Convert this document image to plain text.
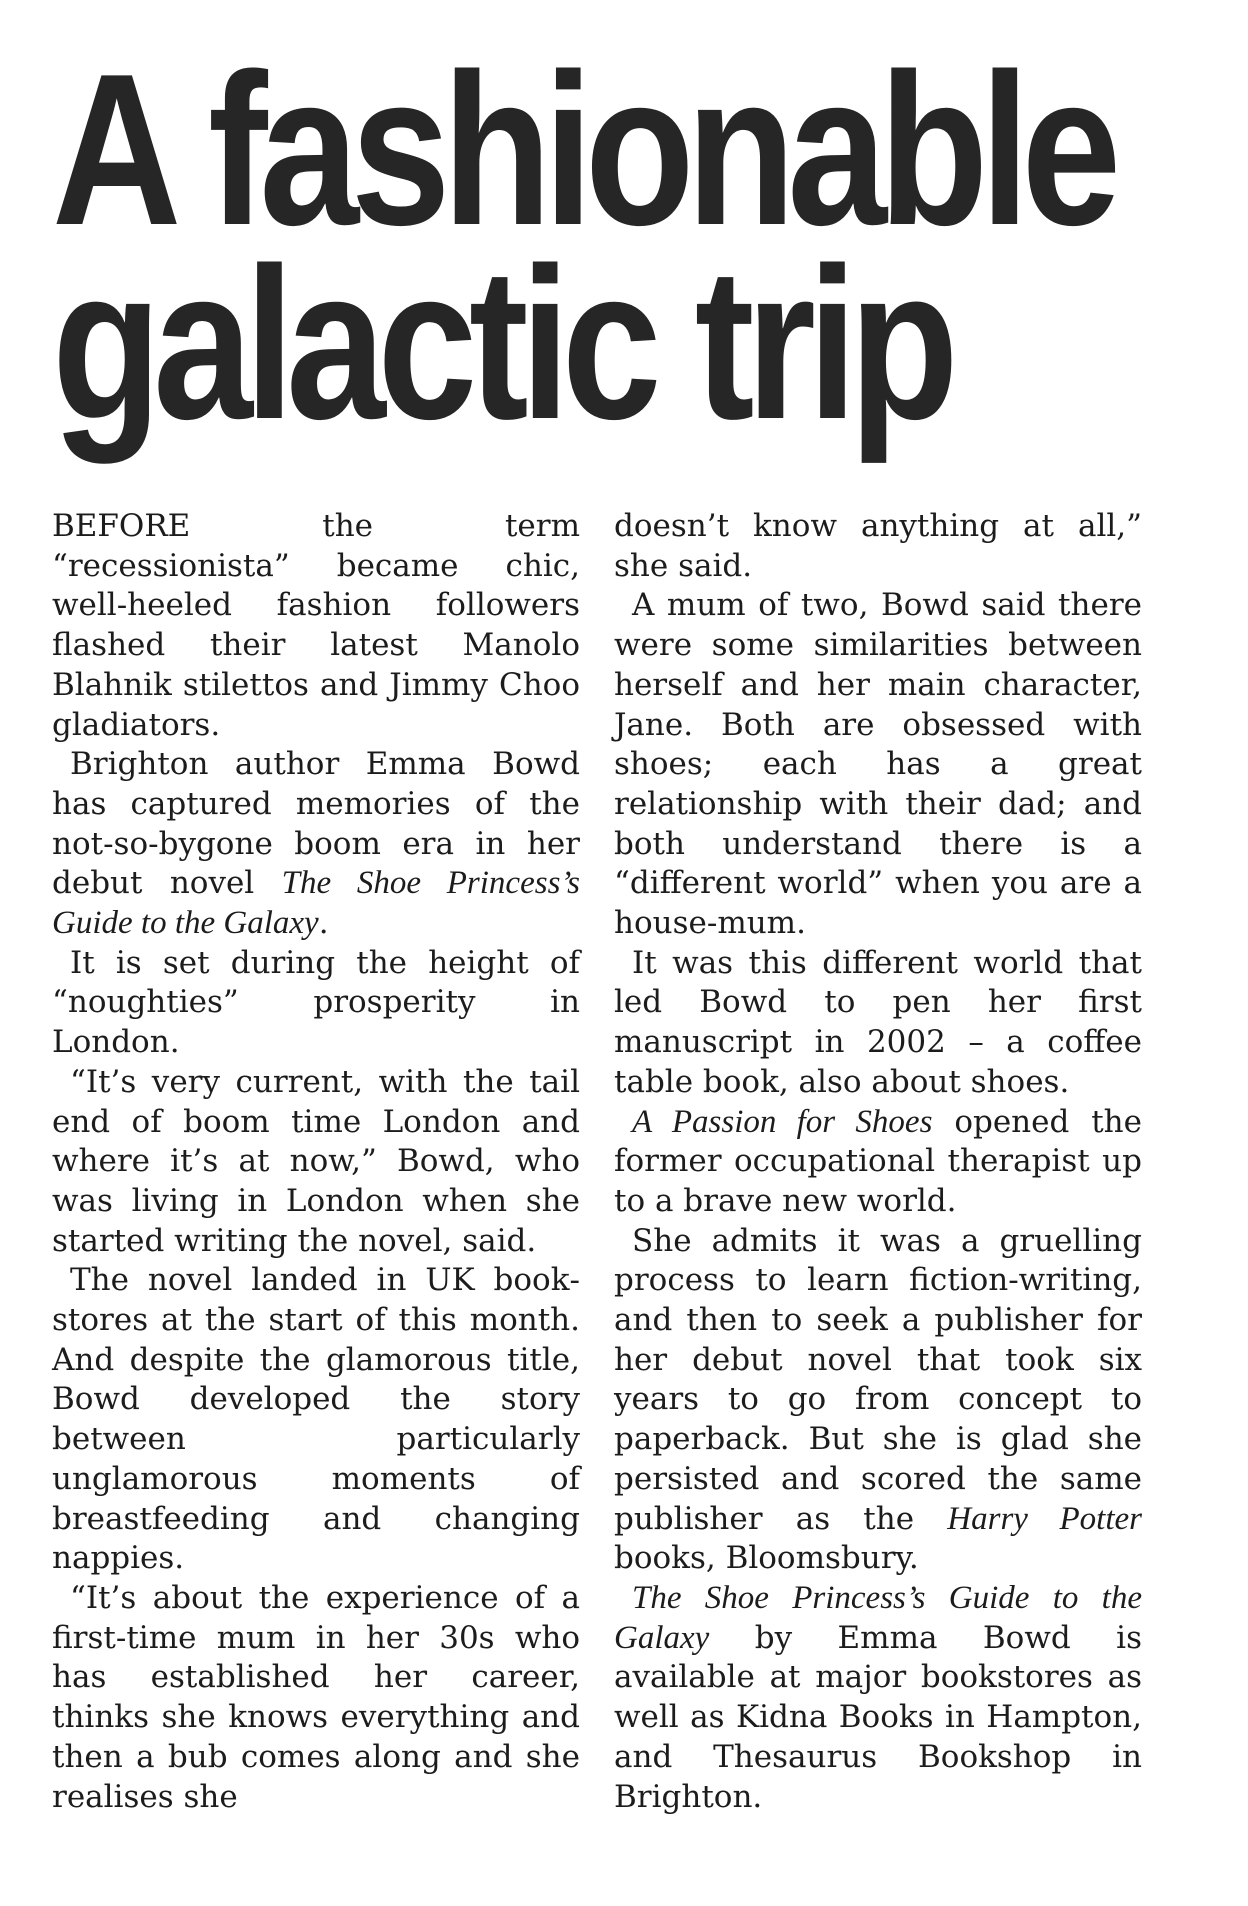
A fashionable
galactic trip

BEFORE the term “recessionista” became chic, well-heeled fashion followers flashed their latest Manolo Blahnik stilettos and Jimmy Choo gladiators.

Brighton author Emma Bowd has captured memories of the not-so-bygone boom era in her debut novel The Shoe Princess’s Guide to the Galaxy.

It is set during the height of “noughties” prosperity in London.

“It’s very current, with the tail end of boom time London and where it’s at now,” Bowd, who was living in London when she started writing the novel, said.

The novel landed in UK bookstores at the start of this month. And despite the glamorous title, Bowd developed the story between particularly unglamorous moments of breastfeeding and changing nappies.

“It’s about the experience of a first-time mum in her 30s who has established her career, thinks she knows everything and then a bub comes along and she realises she

doesn’t know anything at all,” she said.

A mum of two, Bowd said there were some similarities between herself and her main character, Jane. Both are obsessed with shoes; each has a great relationship with their dad; and both understand there is a “different world” when you are a house-mum.

It was this different world that led Bowd to pen her first manuscript in 2002 – a coffee table book, also about shoes.

A Passion for Shoes opened the former occupational therapist up to a brave new world.

She admits it was a gruelling process to learn fiction-writing, and then to seek a publisher for her debut novel that took six years to go from concept to paperback. But she is glad she persisted and scored the same publisher as the Harry Potter books, Bloomsbury.

The Shoe Princess’s Guide to the Galaxy by Emma Bowd is available at major bookstores as well as Kidna Books in Hampton, and Thesaurus Bookshop in Brighton.
